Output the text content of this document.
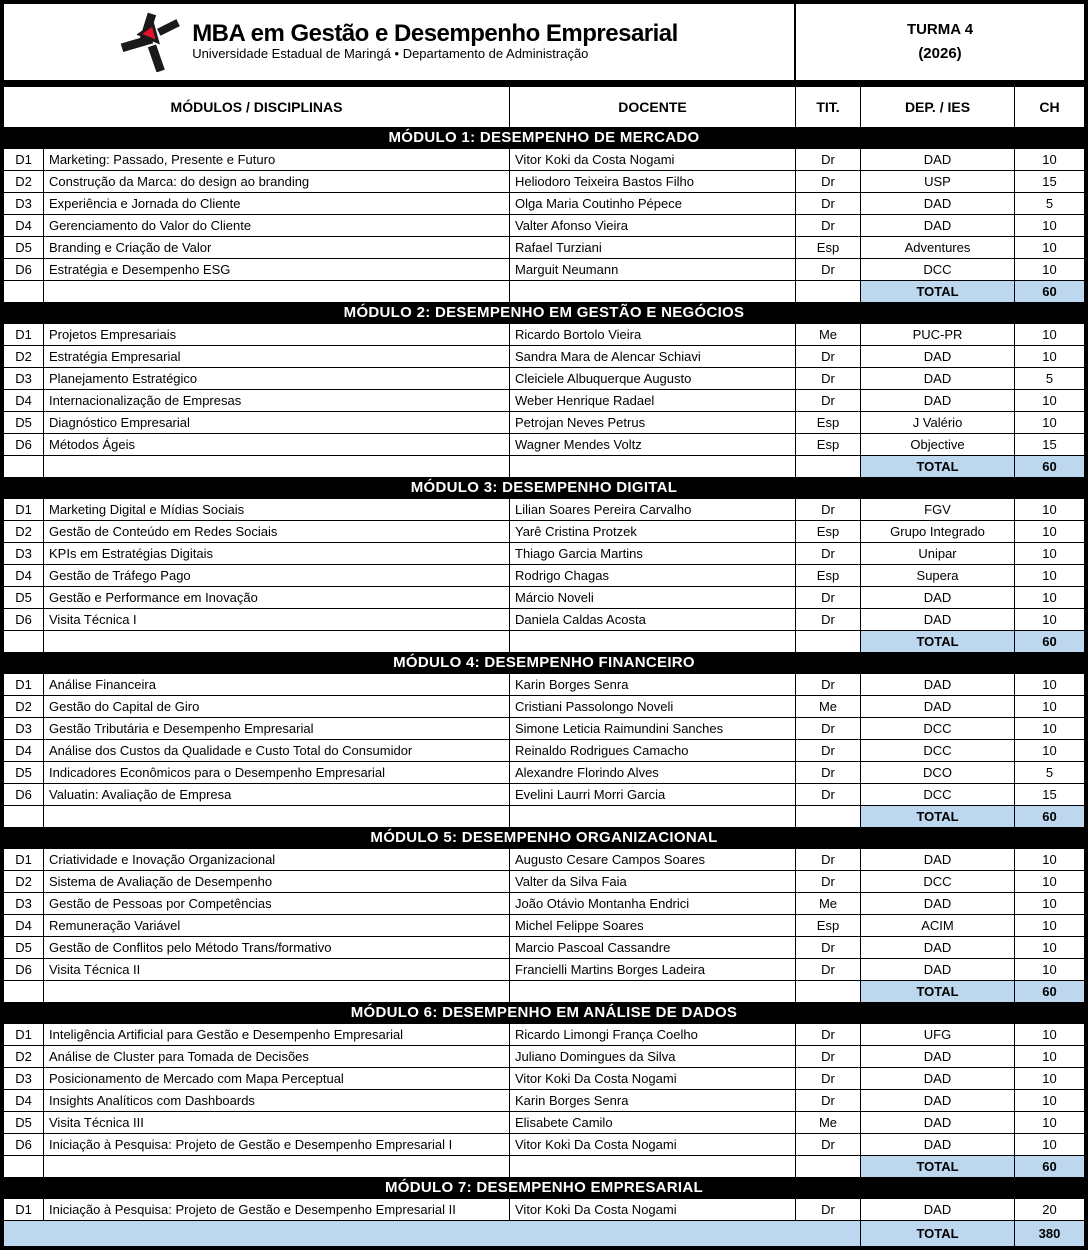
MBA em Gestão e Desempenho Empresarial
Universidade Estadual de Maringá • Departamento de Administração
TURMA 4
(2026)
MÓDULOS / DISCIPLINAS	DOCENTE	TIT.	DEP. / IES	CH
MÓDULO 1: DESEMPENHO DE MERCADO
D1	Marketing: Passado, Presente e Futuro	Vitor Koki da Costa Nogami	Dr	DAD	10
D2	Construção da Marca: do design ao branding	Heliodoro Teixeira Bastos Filho	Dr	USP	15
D3	Experiência e Jornada do Cliente	Olga Maria Coutinho Pépece	Dr	DAD	5
D4	Gerenciamento do Valor do Cliente	Valter Afonso Vieira	Dr	DAD	10
D5	Branding e Criação de Valor	Rafael Turziani	Esp	Adventures	10
D6	Estratégia e Desempenho ESG	Marguit Neumann	Dr	DCC	10
TOTAL	60
MÓDULO 2: DESEMPENHO EM GESTÃO E NEGÓCIOS
D1	Projetos Empresariais	Ricardo Bortolo Vieira	Me	PUC-PR	10
D2	Estratégia Empresarial	Sandra Mara de Alencar Schiavi	Dr	DAD	10
D3	Planejamento Estratégico	Cleiciele Albuquerque Augusto	Dr	DAD	5
D4	Internacionalização de Empresas	Weber Henrique Radael	Dr	DAD	10
D5	Diagnóstico Empresarial	Petrojan Neves Petrus	Esp	J Valério	10
D6	Métodos Ágeis	Wagner Mendes Voltz	Esp	Objective	15
TOTAL	60
MÓDULO 3: DESEMPENHO DIGITAL
D1	Marketing Digital e Mídias Sociais	Lilian Soares Pereira Carvalho	Dr	FGV	10
D2	Gestão de Conteúdo em Redes Sociais	Yarê Cristina Protzek	Esp	Grupo Integrado	10
D3	KPIs em Estratégias Digitais	Thiago Garcia Martins	Dr	Unipar	10
D4	Gestão de Tráfego Pago	Rodrigo Chagas	Esp	Supera	10
D5	Gestão e Performance em Inovação	Márcio Noveli	Dr	DAD	10
D6	Visita Técnica I	Daniela Caldas Acosta	Dr	DAD	10
TOTAL	60
MÓDULO 4: DESEMPENHO FINANCEIRO
D1	Análise Financeira	Karin Borges Senra	Dr	DAD	10
D2	Gestão do Capital de Giro	Cristiani Passolongo Noveli	Me	DAD	10
D3	Gestão Tributária e Desempenho Empresarial	Simone Leticia Raimundini Sanches	Dr	DCC	10
D4	Análise dos Custos da Qualidade e Custo Total do Consumidor	Reinaldo Rodrigues Camacho	Dr	DCC	10
D5	Indicadores Econômicos para o Desempenho Empresarial	Alexandre Florindo Alves	Dr	DCO	5
D6	Valuatin: Avaliação de Empresa	Evelini Laurri Morri Garcia	Dr	DCC	15
TOTAL	60
MÓDULO 5: DESEMPENHO ORGANIZACIONAL
D1	Criatividade e Inovação Organizacional	Augusto Cesare Campos Soares	Dr	DAD	10
D2	Sistema de Avaliação de Desempenho	Valter da Silva Faia	Dr	DCC	10
D3	Gestão de Pessoas por Competências	João Otávio Montanha Endrici	Me	DAD	10
D4	Remuneração Variável	Michel Felippe Soares	Esp	ACIM	10
D5	Gestão de Conflitos pelo Método Trans/formativo	Marcio Pascoal Cassandre	Dr	DAD	10
D6	Visita Técnica II	Francielli Martins Borges Ladeira	Dr	DAD	10
TOTAL	60
MÓDULO 6: DESEMPENHO EM ANÁLISE DE DADOS
D1	Inteligência Artificial para Gestão e Desempenho Empresarial	Ricardo Limongi França Coelho	Dr	UFG	10
D2	Análise de Cluster para Tomada de Decisões	Juliano Domingues da Silva	Dr	DAD	10
D3	Posicionamento de Mercado com Mapa Perceptual	Vitor Koki Da Costa Nogami	Dr	DAD	10
D4	Insights Analíticos com Dashboards	Karin Borges Senra	Dr	DAD	10
D5	Visita Técnica III	Elisabete Camilo	Me	DAD	10
D6	Iniciação à Pesquisa: Projeto de Gestão e Desempenho Empresarial I	Vitor Koki Da Costa Nogami	Dr	DAD	10
TOTAL	60
MÓDULO 7: DESEMPENHO EMPRESARIAL
D1	Iniciação à Pesquisa: Projeto de Gestão e Desempenho Empresarial II	Vitor Koki Da Costa Nogami	Dr	DAD	20
TOTAL	380
